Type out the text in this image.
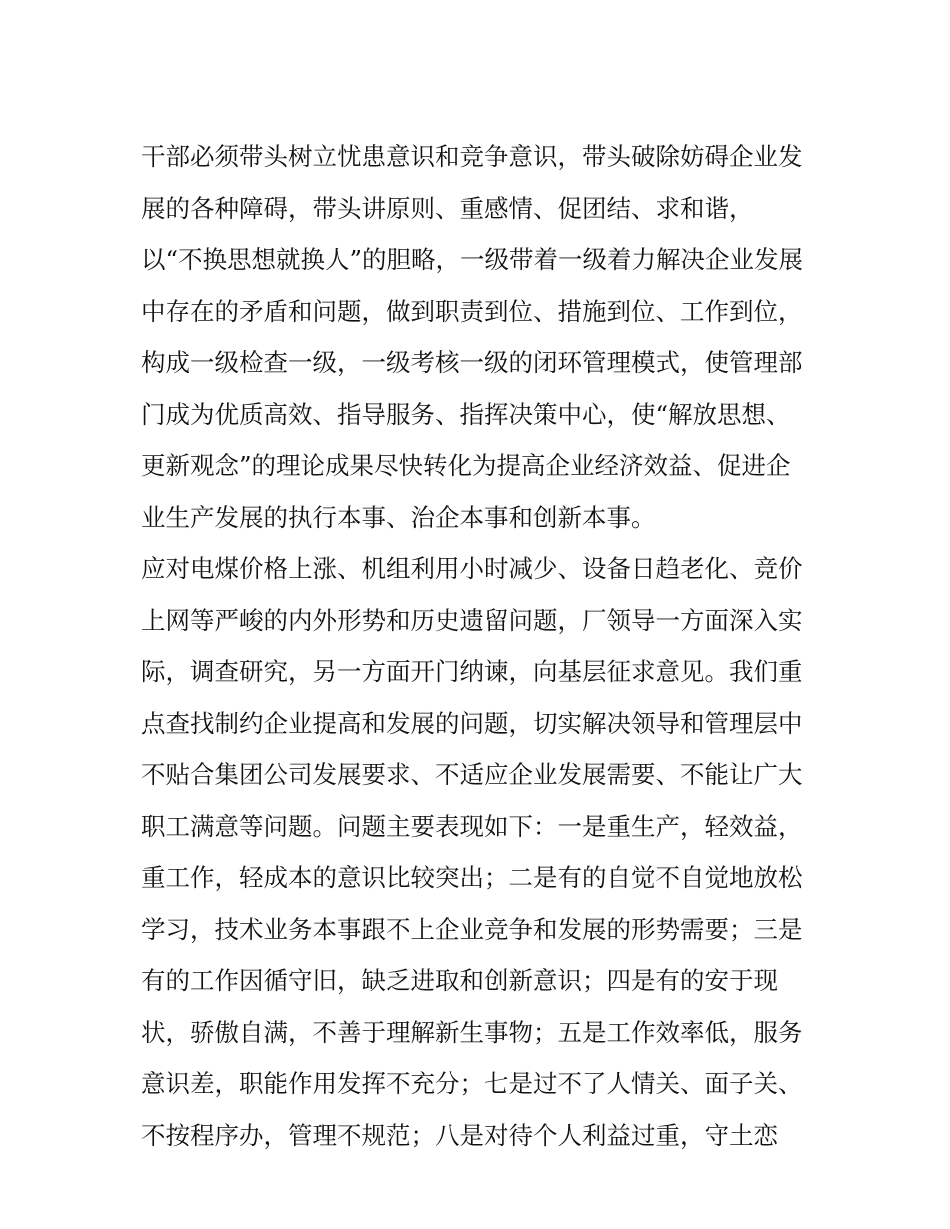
干部必须带头树立忧患意识和竞争意识，带头破除妨碍企业发
展的各种障碍，带头讲原则、重感情、促团结、求和谐，
以“不换思想就换人”的胆略，一级带着一级着力解决企业发展
中存在的矛盾和问题，做到职责到位、措施到位、工作到位，
构成一级检查一级，一级考核一级的闭环管理模式，使管理部
门成为优质高效、指导服务、指挥决策中心，使“解放思想、
更新观念”的理论成果尽快转化为提高企业经济效益、促进企
业生产发展的执行本事、治企本事和创新本事。
应对电煤价格上涨、机组利用小时减少、设备日趋老化、竞价
上网等严峻的内外形势和历史遗留问题，厂领导一方面深入实
际，调查研究，另一方面开门纳谏，向基层征求意见。我们重
点查找制约企业提高和发展的问题，切实解决领导和管理层中
不贴合集团公司发展要求、不适应企业发展需要、不能让广大
职工满意等问题。问题主要表现如下：一是重生产，轻效益，
重工作，轻成本的意识比较突出；二是有的自觉不自觉地放松
学习，技术业务本事跟不上企业竞争和发展的形势需要；三是
有的工作因循守旧，缺乏进取和创新意识；四是有的安于现
状，骄傲自满，不善于理解新生事物；五是工作效率低，服务
意识差，职能作用发挥不充分；七是过不了人情关、面子关、
不按程序办，管理不规范；八是对待个人利益过重，守土恋
